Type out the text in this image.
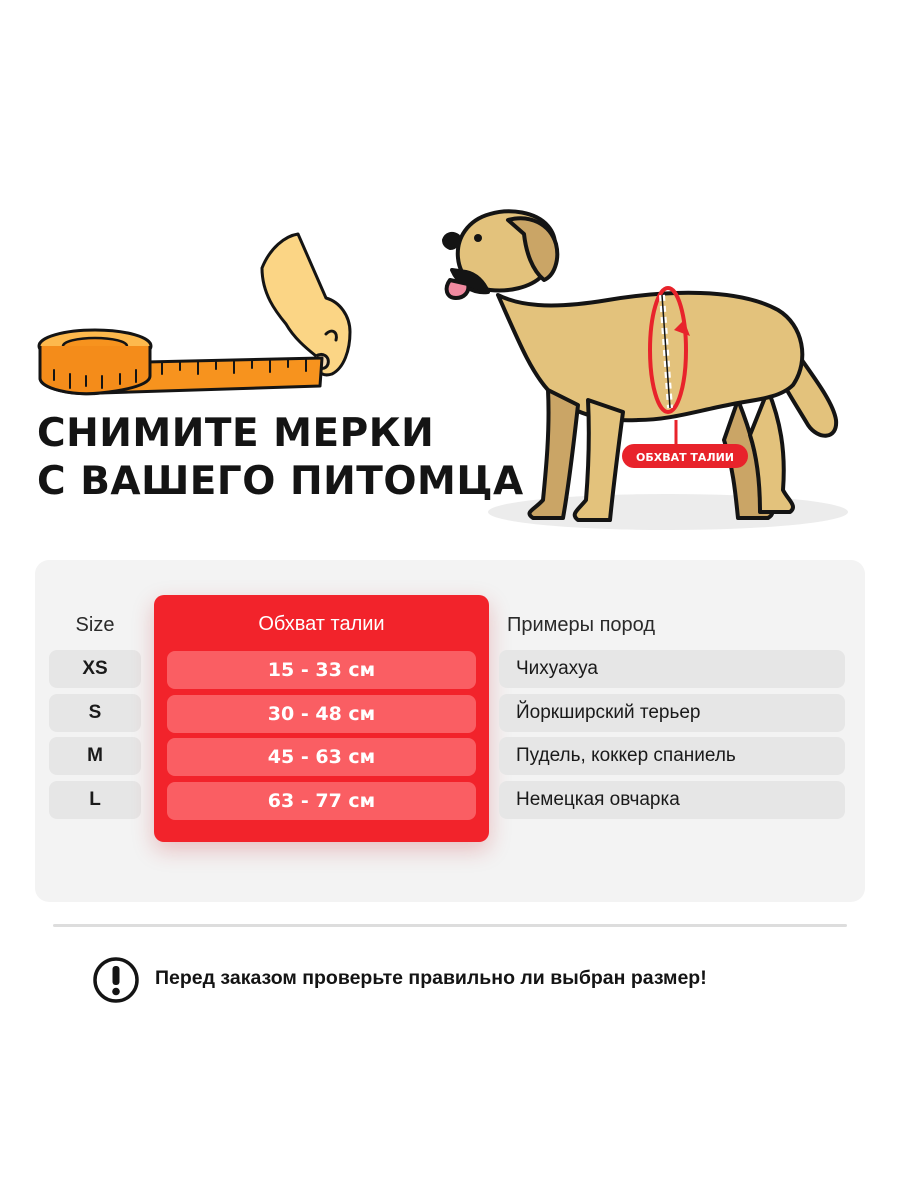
ОБХВАТ ТАЛИИ
СНИМИТЕ МЕРКИ
С ВАШЕГО ПИТОМЦА
Size
XS
S
M
L
Обхват талии
15 - 33 см
30 - 48 см
45 - 63 см
63 - 77 см
Примеры пород
Чихуахуа
Йоркширский терьер
Пудель, коккер спаниель
Немецкая овчарка
Перед заказом проверьте правильно ли выбран размер!
